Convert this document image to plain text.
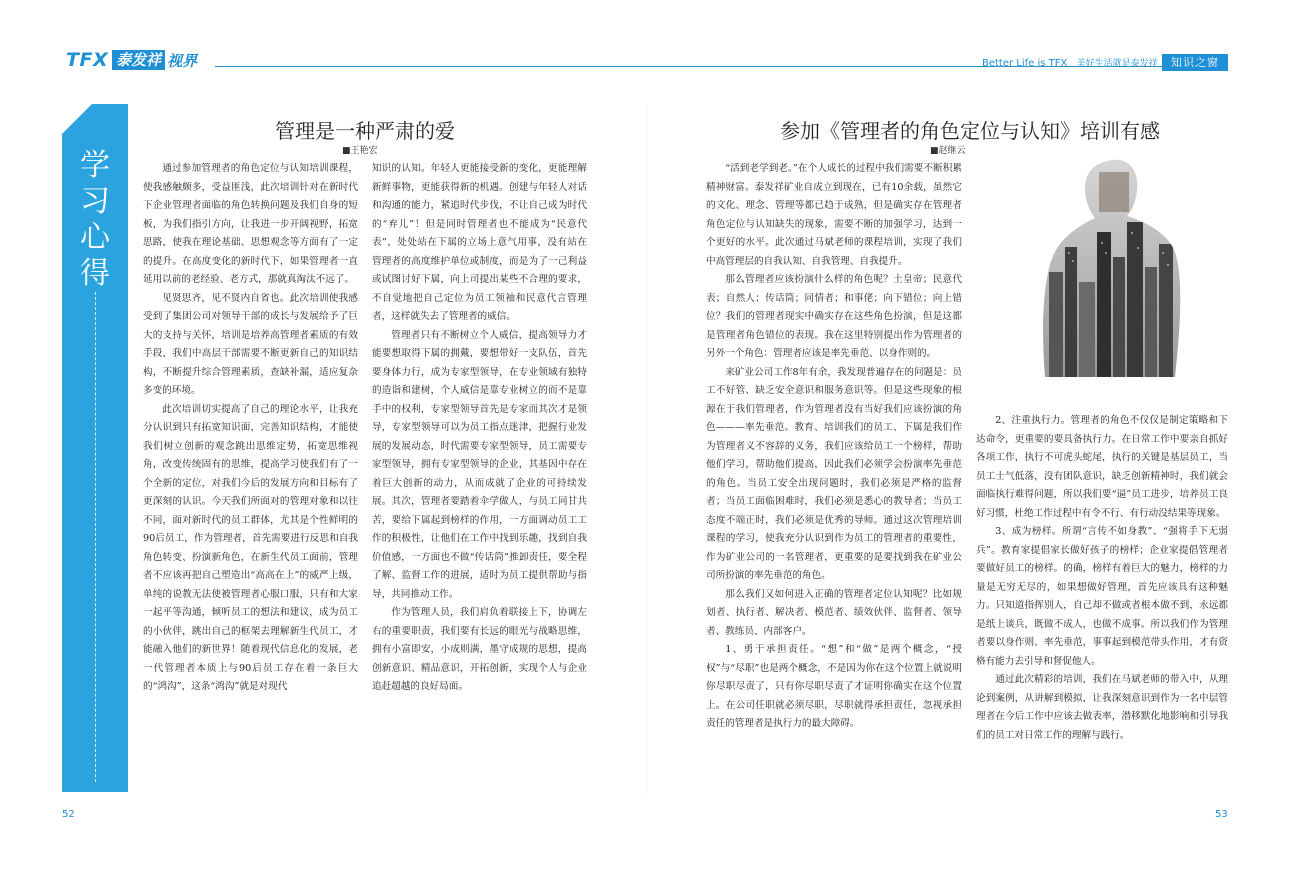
TFX 泰发祥 视界	Better Life is TFX 美好生活就是泰发祥	知识之窗
学
习
心
得
管理是一种严肃的爱
■王艳宏

通过参加管理者的角色定位与认知培训课程，使我感触颇多，受益匪浅，此次培训针对在新时代下企业管理者面临的角色转换问题及我们自身的短板，为我们指引方向，让我进一步开阔视野，拓宽思路，使我在理论基础、思想观念等方面有了一定的提升。在高度变化的新时代下，如果管理者一直延用以前的老经验、老方式，那就真淘汰不远了。

见贤思齐，见不贤内自省也。此次培训使我感受到了集团公司对领导干部的成长与发展给予了巨大的支持与关怀，培训是培养高管理者素质的有效手段，我们中高层干部需要不断更新自己的知识结构，不断提升综合管理素质，查缺补漏，适应复杂多变的环境。

此次培训切实提高了自己的理论水平，让我充分认识到只有拓宽知识面，完善知识结构，才能使我们树立创新的观念跳出思维定势，拓宽思维视角，改变传统固有的思维，提高学习使我们有了一个全新的定位，对我们今后的发展方向和目标有了更深刻的认识。今天我们所面对的管理对象和以往不同，面对新时代的员工群体，尤其是个性鲜明的90后员工，作为管理者，首先需要进行反思和自我角色转变、扮演新角色，在新生代员工面前，管理者不应该再把自己塑造出“高高在上”的威严上级，单纯的说教无法使被管理者心服口服，只有和大家一起平等沟通，倾听员工的想法和建议，成为员工的小伙伴，跳出自己的框架去理解新生代员工，才能融入他们的新世界！随着现代信息化的发展，老一代管理者本质上与90后员工存在着一条巨大的“鸿沟”，这条“鸿沟”就是对现代

知识的认知。年轻人更能接受新的变化，更能理解新鲜事物，更能获得新的机遇。创建与年轻人对话和沟通的能力，紧追时代步伐，不让自己成为时代的“弃儿”！但是同时管理者也不能成为“民意代表”，处处站在下属的立场上意气用事，没有站在管理者的高度维护单位或制度，而是为了一己利益或试图讨好下属，向上司提出某些不合理的要求，不自觉地把自己定位为员工领袖和民意代言管理者，这样就失去了管理者的威信。

管理者只有不断树立个人威信，提高领导力才能要想取得下属的拥戴，要想带好一支队伍，首先要身体力行，成为专家型领导，在专业领域有独特的造诣和建树，个人威信是靠专业树立的而不是靠手中的权利，专家型领导首先是专家而其次才是领导，专家型领导可以为员工指点迷津，把握行业发展的发展动态，时代需要专家型领导，员工需要专家型领导，拥有专家型领导的企业，其基因中存在着巨大创新的动力，从而成就了企业的可持续发展。其次，管理者要踏着伞学做人，与员工同甘共苦，要给下属起到榜样的作用，一方面调动员工工作的积极性，让他们在工作中找到乐趣，找到自我价值感，一方面也不做“传话筒”推卸责任，要全程了解、监督工作的进展，适时为员工提供帮助与指导，共同推动工作。

作为管理人员，我们肩负着联接上下，协调左右的重要职责，我们要有长远的眼光与战略思维，拥有小富即安，小成则满，墨守成规的思想，提高创新意识、精品意识，开拓创新，实现个人与企业追赶超越的良好局面。

参加《管理者的角色定位与认知》培训有感
■赵继云

“活到老学到老。”在个人成长的过程中我们需要不断积累精神财富。泰发祥矿业自成立到现在，已有10余载，虽然它的文化、理念、管理等都已趋于成熟，但是确实存在管理者角色定位与认知缺失的现象，需要不断的加强学习，达到一个更好的水平。此次通过马斌老师的课程培训，实现了我们中高管理层的自我认知、自我管理、自我提升。

那么管理者应该扮演什么样的角色呢？土皇帝；民意代表；自然人；传话筒；同情者；和事佬；向下错位；向上错位？我们的管理者现实中确实存在这些角色扮演，但是这都是管理者角色错位的表现。我在这里特别提出作为管理者的另外一个角色：管理者应该是率先垂范、以身作则的。

来矿业公司工作8年有余，我发现普遍存在的问题是：员工不好管、缺乏安全意识和服务意识等。但是这些现象的根源在于我们管理者，作为管理者没有当好我们应该扮演的角色———率先垂范。教育、培训我们的员工、下属是我们作为管理者义不容辞的义务，我们应该给员工一个榜样，帮助他们学习，帮助他们提高，因此我们必须学会扮演率先垂范的角色。当员工安全出现问题时，我们必须是严格的监督者；当员工面临困难时，我们必须是悉心的教导者；当员工态度不端正时，我们必须是优秀的导师。通过这次管理培训课程的学习，使我充分认识到作为员工的管理者的重要性，作为矿业公司的一名管理者，更重要的是要找到我在矿业公司所扮演的率先垂范的角色。

那么我们又如何进入正确的管理者定位认知呢？比如规划者、执行者、解决者、模范者、绩效伙伴、监督者、领导者、教练员、内部客户。

1、勇于承担责任。“想”和“做”是两个概念，“授权”与“尽职”也是两个概念，不是因为你在这个位置上就说明你尽职尽责了，只有你尽职尽责了才证明你确实在这个位置上。在公司任职就必须尽职，尽职就得承担责任，忽视承担责任的管理者是执行力的最大障碍。

2、注重执行力。管理者的角色不仅仅是制定策略和下达命令，更重要的要具备执行力。在日常工作中要亲自抓好各项工作，执行不可虎头蛇尾，执行的关键是基层员工，当员工士气低落，没有团队意识，缺乏创新精神时，我们就会面临执行难得问题，所以我们要“逼”员工进步，培养员工良好习惯，杜绝工作过程中有令不行、有行动没结果等现象。

3、成为榜样。所谓“言传不如身教”、“强将手下无弱兵”。教育家提倡家长做好孩子的榜样；企业家提倡管理者要做好员工的榜样。的确，榜样有着巨大的魅力，榜样的力量是无穷无尽的，如果想做好管理，首先应该具有这种魅力。只知道指挥别人，自己却不做或者根本做不到，永远都是纸上谈兵，既做不成人，也做不成事。所以我们作为管理者要以身作则、率先垂范，事事起到模范带头作用，才有资格有能力去引导和督促他人。

通过此次精彩的培训，我们在马斌老师的带入中，从理论到案例，从讲解到模拟，让我深刻意识到作为一名中层管理者在今后工作中应该去做表率，潜移默化地影响和引导我们的员工对日常工作的理解与践行。

52	53
